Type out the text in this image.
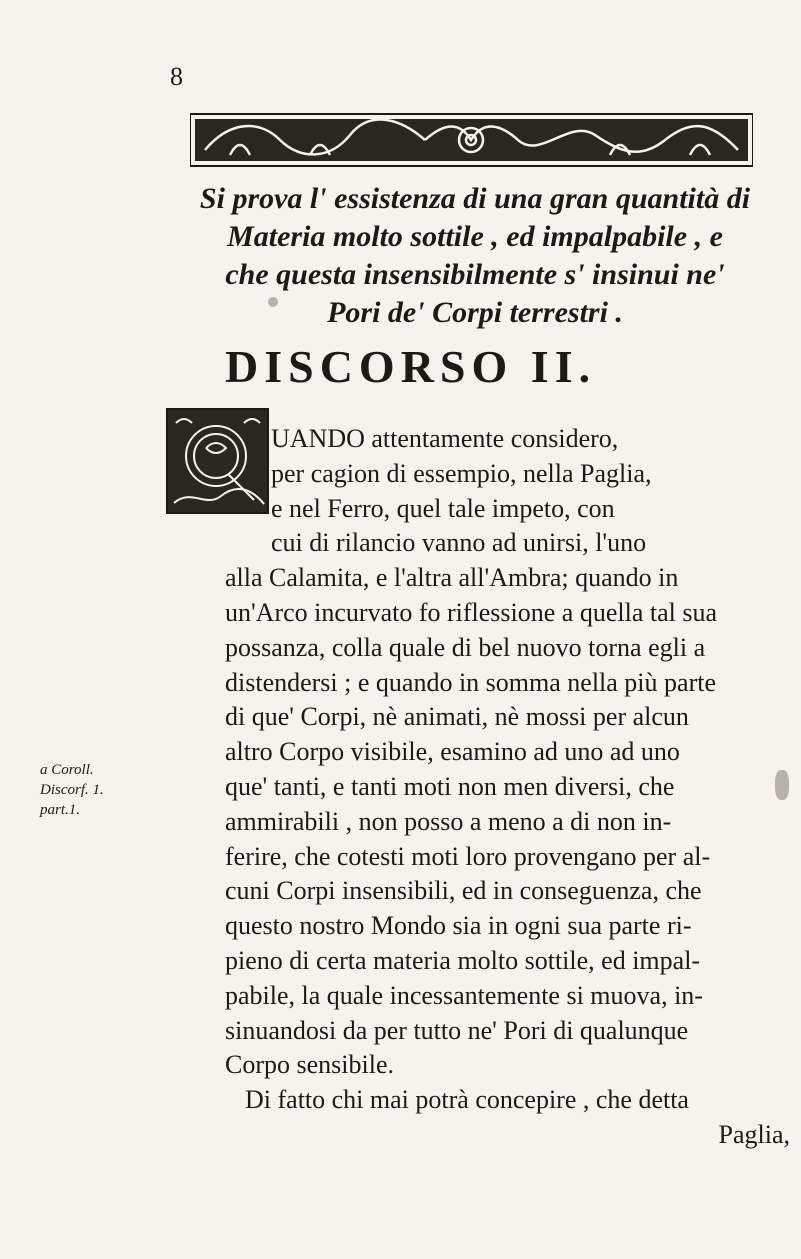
8
Si prova l' essistenza di una gran quantità di
Materia molto sottile , ed impalpabile , e
che questa insensibilmente s' insinui ne'
Pori de' Corpi terrestri .
DISCORSO II.
UANDO attentamente considero,
per cagion di essempio, nella Paglia,
e nel Ferro, quel tale impeto, con
cui di rilancio vanno ad unirsi, l'uno
alla Calamita, e l'altra all'Ambra; quando in
un'Arco incurvato fo riflessione a quella tal sua
possanza, colla quale di bel nuovo torna egli a
distendersi ; e quando in somma nella più parte
di que' Corpi, nè animati, nè mossi per alcun
altro Corpo visibile, esamino ad uno ad uno
que' tanti, e tanti moti non men diversi, che
ammirabili , non posso a meno a di non in-
ferire, che cotesti moti loro provengano per al-
cuni Corpi insensibili, ed in conseguenza, che
questo nostro Mondo sia in ogni sua parte ri-
pieno di certa materia molto sottile, ed impal-
pabile, la quale incessantemente si muova, in-
sinuandosi da per tutto ne' Pori di qualunque
Corpo sensibile.
Di fatto chi mai potrà concepire , che detta
Paglia,
a Coroll.
Discorf. 1.
part.1.
